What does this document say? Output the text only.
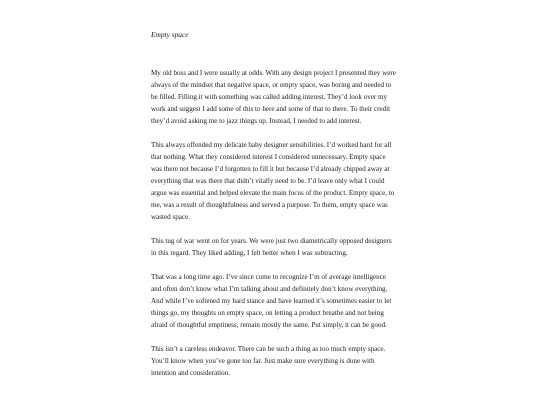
Empty space

My old boss and I were usually at odds. With any design project I presented they were always of the mindset that negative space, or empty space, was boring and needed to be filled. Filling it with something was called adding interest. They’d look over my work and suggest I add some of this to here and some of that to there. To their credit they’d avoid asking me to jazz things up. Instead, I needed to add interest.

This always offended my delicate baby designer sensibilities. I’d worked hard for all that nothing. What they considered interest I considered unnecessary. Empty space was there not because I’d forgotten to fill it but because I’d already chipped away at everything that was there that didn’t vitally need to be. I’d leave only what I could argue was essential and helped elevate the main focus of the product. Empty space, to me, was a result of thoughtfulness and served a purpose. To them, empty space was wasted space.

This tug of war went on for years. We were just two diametrically opposed designers in this regard. They liked adding, I felt better when I was subtracting.

That was a long time ago. I’ve since come to recognize I’m of average intelligence and often don’t know what I’m talking about and definitely don’t know everything. And while I’ve softened my hard stance and have learned it’s sometimes easier to let things go, my thoughts on empty space, on letting a product breathe and not being afraid of thoughtful emptiness, remain mostly the same. Put simply, it can be good.

This isn’t a careless endeavor. There can be such a thing as too much empty space. You’ll know when you’ve gone too far. Just make sure everything is done with intention and consideration.
